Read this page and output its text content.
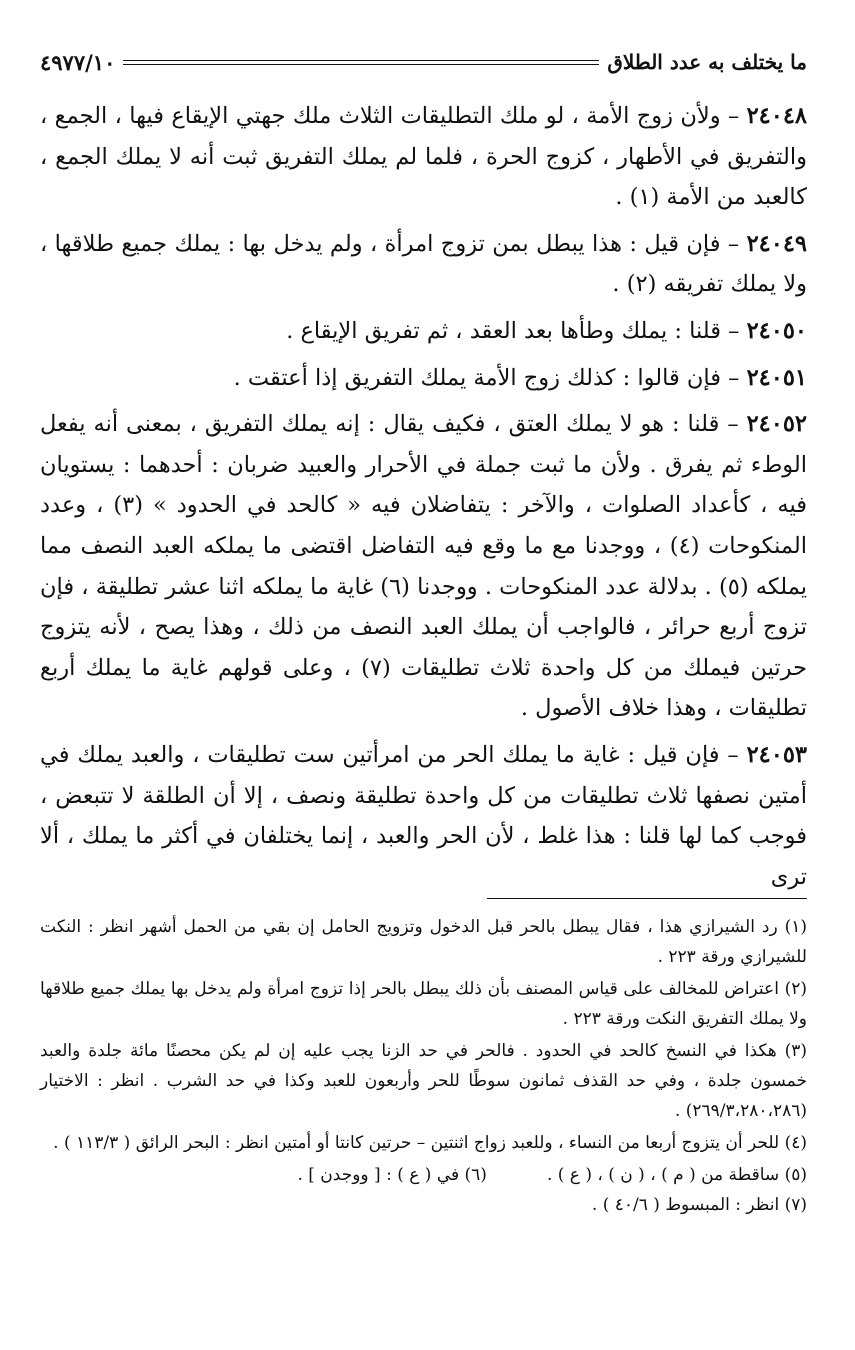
ما يختلف به عدد الطلاق
٤٩٧٧/١٠

٢٤٠٤٨ – ولأن زوج الأمة ، لو ملك التطليقات الثلاث ملك جهتي الإيقاع فيها ، الجمع ، والتفريق في الأطهار ، كزوج الحرة ، فلما لم يملك التفريق ثبت أنه لا يملك الجمع ، كالعبد من الأمة (١) .

٢٤٠٤٩ – فإن قيل : هذا يبطل بمن تزوج امرأة ، ولم يدخل بها : يملك جميع طلاقها ، ولا يملك تفريقه (٢) .

٢٤٠٥٠ – قلنا : يملك وطأها بعد العقد ، ثم تفريق الإيقاع .

٢٤٠٥١ – فإن قالوا : كذلك زوج الأمة يملك التفريق إذا أعتقت .

٢٤٠٥٢ – قلنا : هو لا يملك العتق ، فكيف يقال : إنه يملك التفريق ، بمعنى أنه يفعل الوطء ثم يفرق . ولأن ما ثبت جملة في الأحرار والعبيد ضربان : أحدهما : يستويان فيه ، كأعداد الصلوات ، والآخر : يتفاضلان فيه « كالحد في الحدود » (٣) ، وعدد المنكوحات (٤) ، ووجدنا مع ما وقع فيه التفاضل اقتضى ما يملكه العبد النصف مما يملكه (٥) . بدلالة عدد المنكوحات . ووجدنا (٦) غاية ما يملكه اثنا عشر تطليقة ، فإن تزوج أربع حرائر ، فالواجب أن يملك العبد النصف من ذلك ، وهذا يصح ، لأنه يتزوج حرتين فيملك من كل واحدة ثلاث تطليقات (٧) ، وعلى قولهم غاية ما يملك أربع تطليقات ، وهذا خلاف الأصول .

٢٤٠٥٣ – فإن قيل : غاية ما يملك الحر من امرأتين ست تطليقات ، والعبد يملك في أمتين نصفها ثلاث تطليقات من كل واحدة تطليقة ونصف ، إلا أن الطلقة لا تتبعض ، فوجب كما لها قلنا : هذا غلط ، لأن الحر والعبد ، إنما يختلفان في أكثر ما يملك ، ألا ترى

(١) رد الشيرازي هذا ، فقال يبطل بالحر قبل الدخول وتزويج الحامل إن بقي من الحمل أشهر انظر : النكت للشيرازي ورقة ٢٢٣ .

(٢) اعتراض للمخالف على قياس المصنف بأن ذلك يبطل بالحر إذا تزوج امرأة ولم يدخل بها يملك جميع طلاقها ولا يملك التفريق النكت ورقة ٢٢٣ .

(٣) هكذا في النسخ كالحد في الحدود . فالحر في حد الزنا يجب عليه إن لم يكن محصنًا مائة جلدة والعبد خمسون جلدة ، وفي حد القذف ثمانون سوطًا للحر وأربعون للعبد وكذا في حد الشرب . انظر : الاختيار (٢٦٩/٣،٢٨٠،٢٨٦) .

(٤) للحر أن يتزوج أربعا من النساء ، وللعبد زواج اثنتين – حرتين كانتا أو أمتين انظر : البحر الرائق ( ١١٣/٣ ) .

(٥) ساقطة من ( م ) ، ( ن ) ، ( ع ) .
(٦) في ( ع ) : [ ووجدن ] .

(٧) انظر : المبسوط ( ٤٠/٦ ) .
